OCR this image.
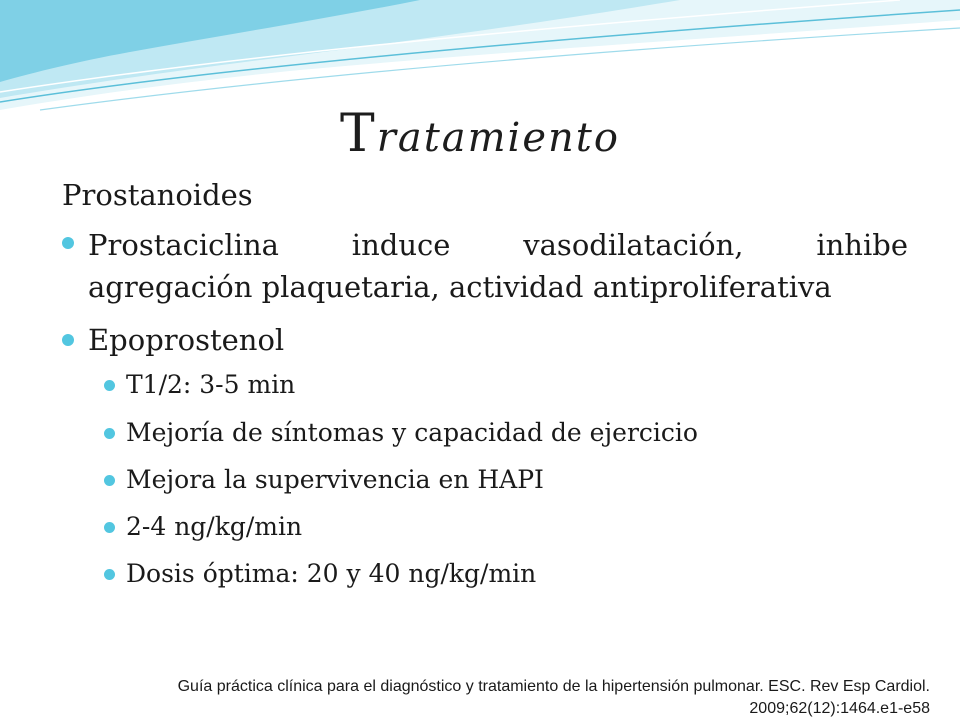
Tratamiento
Prostanoides
Prostaciclina induce vasodilatación, inhibe
agregación plaquetaria, actividad antiproliferativa
Epoprostenol
T1/2: 3-5 min
Mejoría de síntomas y capacidad de ejercicio
Mejora la supervivencia en HAPI
2-4 ng/kg/min
Dosis óptima: 20 y 40 ng/kg/min
Guía práctica clínica para el diagnóstico y tratamiento de la hipertensión pulmonar. ESC. Rev Esp Cardiol.
2009;62(12):1464.e1-e58
